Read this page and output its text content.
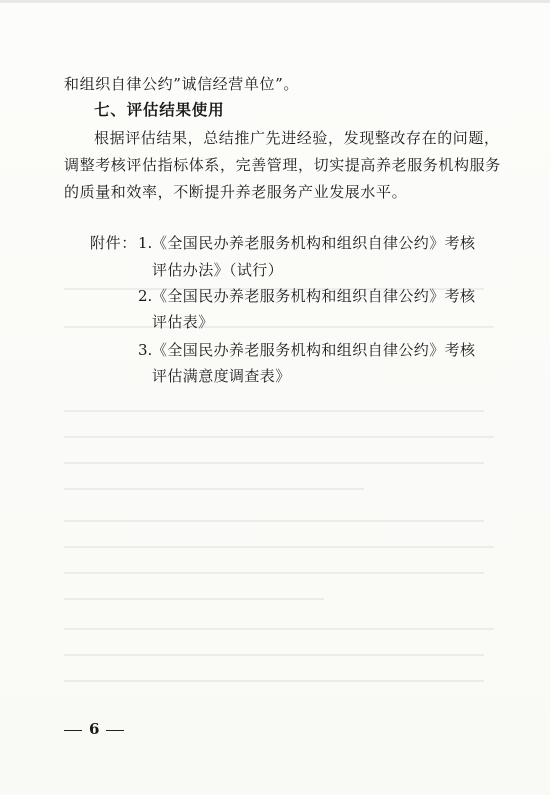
和组织自律公约”诚信经营单位”。
七、评估结果使用
根据评估结果，总结推广先进经验，发现整改存在的问题，
调整考核评估指标体系，完善管理，切实提高养老服务机构服务
的质量和效率，不断提升养老服务产业发展水平。
附件： 1. 《全国民办养老服务机构和组织自律公约》考核
评估办法》（试行）
2. 《全国民办养老服务机构和组织自律公约》考核
评估表》
3. 《全国民办养老服务机构和组织自律公约》考核
评估满意度调查表》
6
